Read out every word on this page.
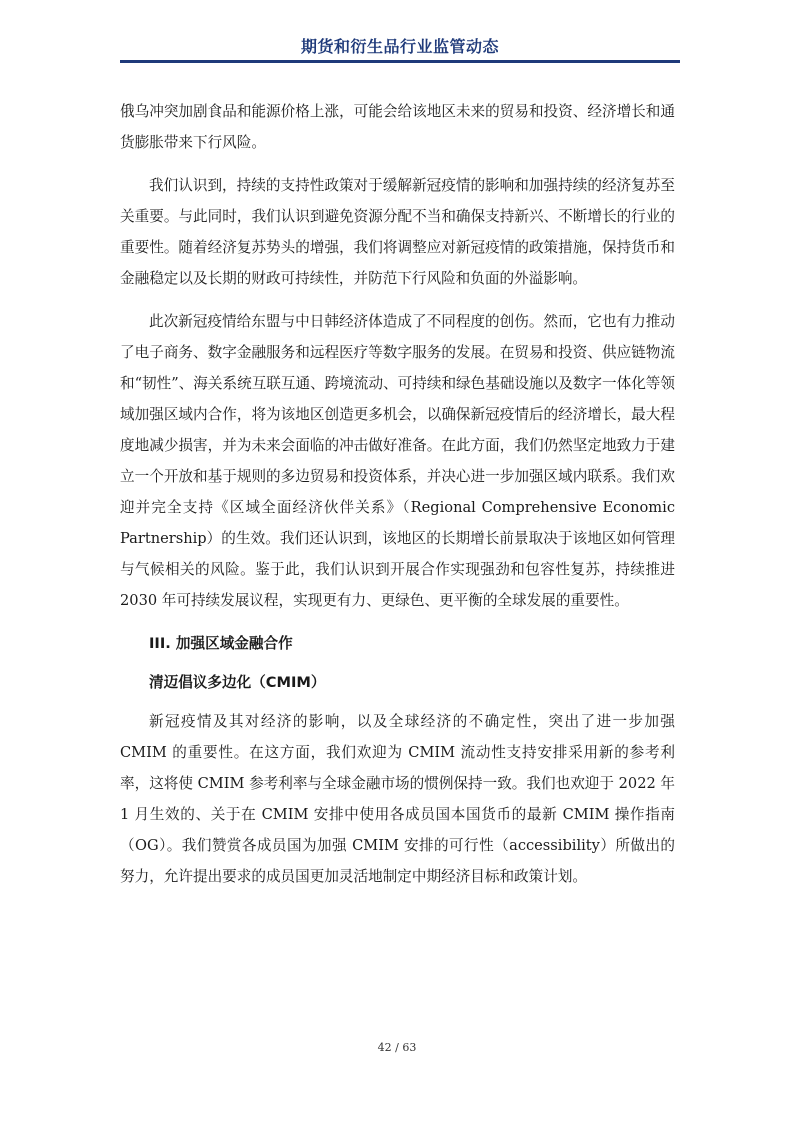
期货和衍生品行业监管动态

俄乌冲突加剧食品和能源价格上涨，可能会给该地区未来的贸易和投资、经济增长和通货膨胀带来下行风险。

我们认识到，持续的支持性政策对于缓解新冠疫情的影响和加强持续的经济复苏至关重要。与此同时，我们认识到避免资源分配不当和确保支持新兴、不断增长的行业的重要性。随着经济复苏势头的增强，我们将调整应对新冠疫情的政策措施，保持货币和金融稳定以及长期的财政可持续性，并防范下行风险和负面的外溢影响。

此次新冠疫情给东盟与中日韩经济体造成了不同程度的创伤。然而，它也有力推动了电子商务、数字金融服务和远程医疗等数字服务的发展。在贸易和投资、供应链物流和“韧性”、海关系统互联互通、跨境流动、可持续和绿色基础设施以及数字一体化等领域加强区域内合作，将为该地区创造更多机会，以确保新冠疫情后的经济增长，最大程度地减少损害，并为未来会面临的冲击做好准备。在此方面，我们仍然坚定地致力于建立一个开放和基于规则的多边贸易和投资体系，并决心进一步加强区域内联系。我们欢迎并完全支持《区域全面经济伙伴关系》（Regional Comprehensive Economic Partnership）的生效。我们还认识到，该地区的长期增长前景取决于该地区如何管理与气候相关的风险。鉴于此，我们认识到开展合作实现强劲和包容性复苏，持续推进 2030 年可持续发展议程，实现更有力、更绿色、更平衡的全球发展的重要性。

III. 加强区域金融合作
清迈倡议多边化（CMIM）

新冠疫情及其对经济的影响，以及全球经济的不确定性，突出了进一步加强 CMIM 的重要性。在这方面，我们欢迎为 CMIM 流动性支持安排采用新的参考利率，这将使 CMIM 参考利率与全球金融市场的惯例保持一致。我们也欢迎于 2022 年 1 月生效的、关于在 CMIM 安排中使用各成员国本国货币的最新 CMIM 操作指南（OG）。我们赞赏各成员国为加强 CMIM 安排的可行性（accessibility）所做出的努力，允许提出要求的成员国更加灵活地制定中期经济目标和政策计划。

42 / 63
